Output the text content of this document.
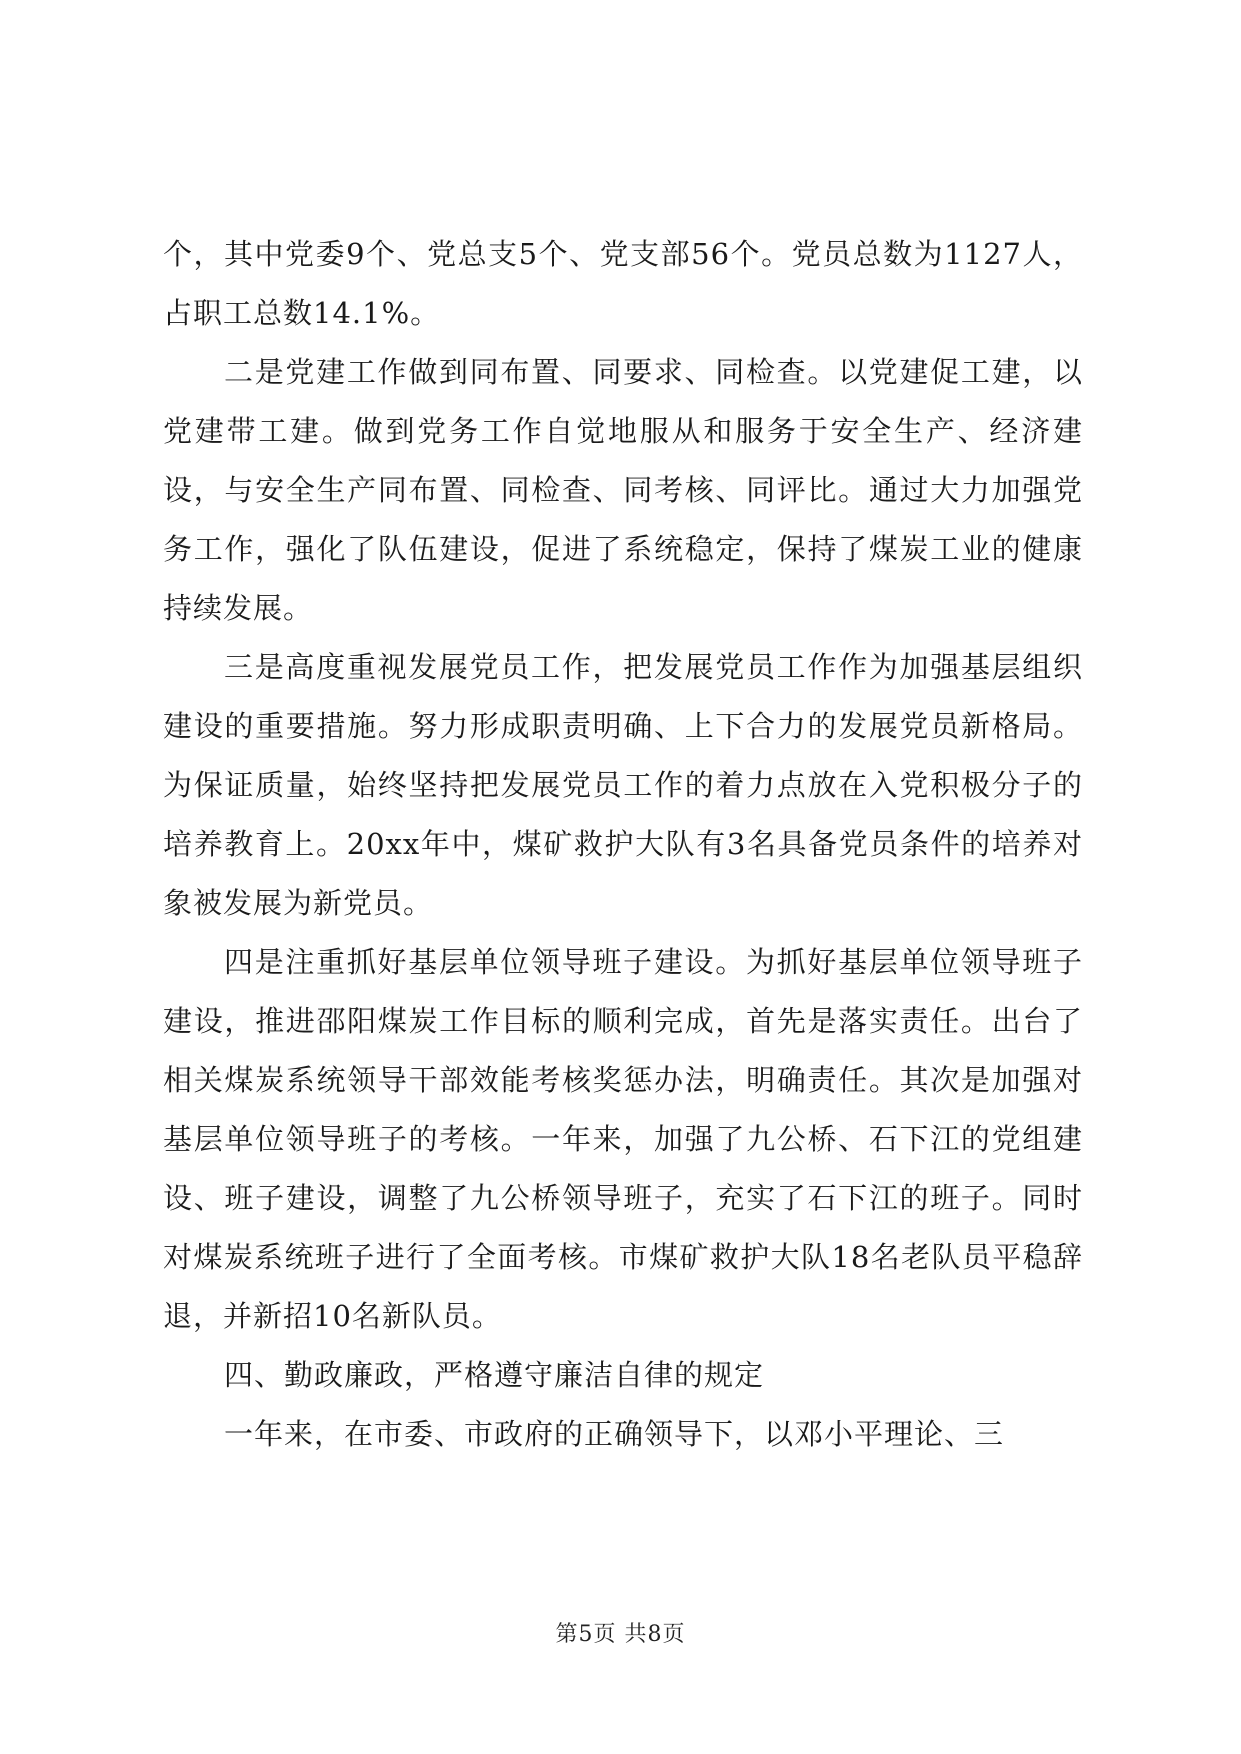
个，其中党委9个、党总支5个、党支部56个。党员总数为1127人，占职工总数14.1%。

二是党建工作做到同布置、同要求、同检查。以党建促工建，以党建带工建。做到党务工作自觉地服从和服务于安全生产、经济建设，与安全生产同布置、同检查、同考核、同评比。通过大力加强党务工作，强化了队伍建设，促进了系统稳定，保持了煤炭工业的健康持续发展。

三是高度重视发展党员工作，把发展党员工作作为加强基层组织建设的重要措施。努力形成职责明确、上下合力的发展党员新格局。为保证质量，始终坚持把发展党员工作的着力点放在入党积极分子的培养教育上。20xx年中，煤矿救护大队有3名具备党员条件的培养对象被发展为新党员。

四是注重抓好基层单位领导班子建设。为抓好基层单位领导班子建设，推进邵阳煤炭工作目标的顺利完成，首先是落实责任。出台了相关煤炭系统领导干部效能考核奖惩办法，明确责任。其次是加强对基层单位领导班子的考核。一年来，加强了九公桥、石下江的党组建设、班子建设，调整了九公桥领导班子，充实了石下江的班子。同时对煤炭系统班子进行了全面考核。市煤矿救护大队18名老队员平稳辞退，并新招10名新队员。

四、勤政廉政，严格遵守廉洁自律的规定

一年来，在市委、市政府的正确领导下，以邓小平理论、三

第5页 共8页
